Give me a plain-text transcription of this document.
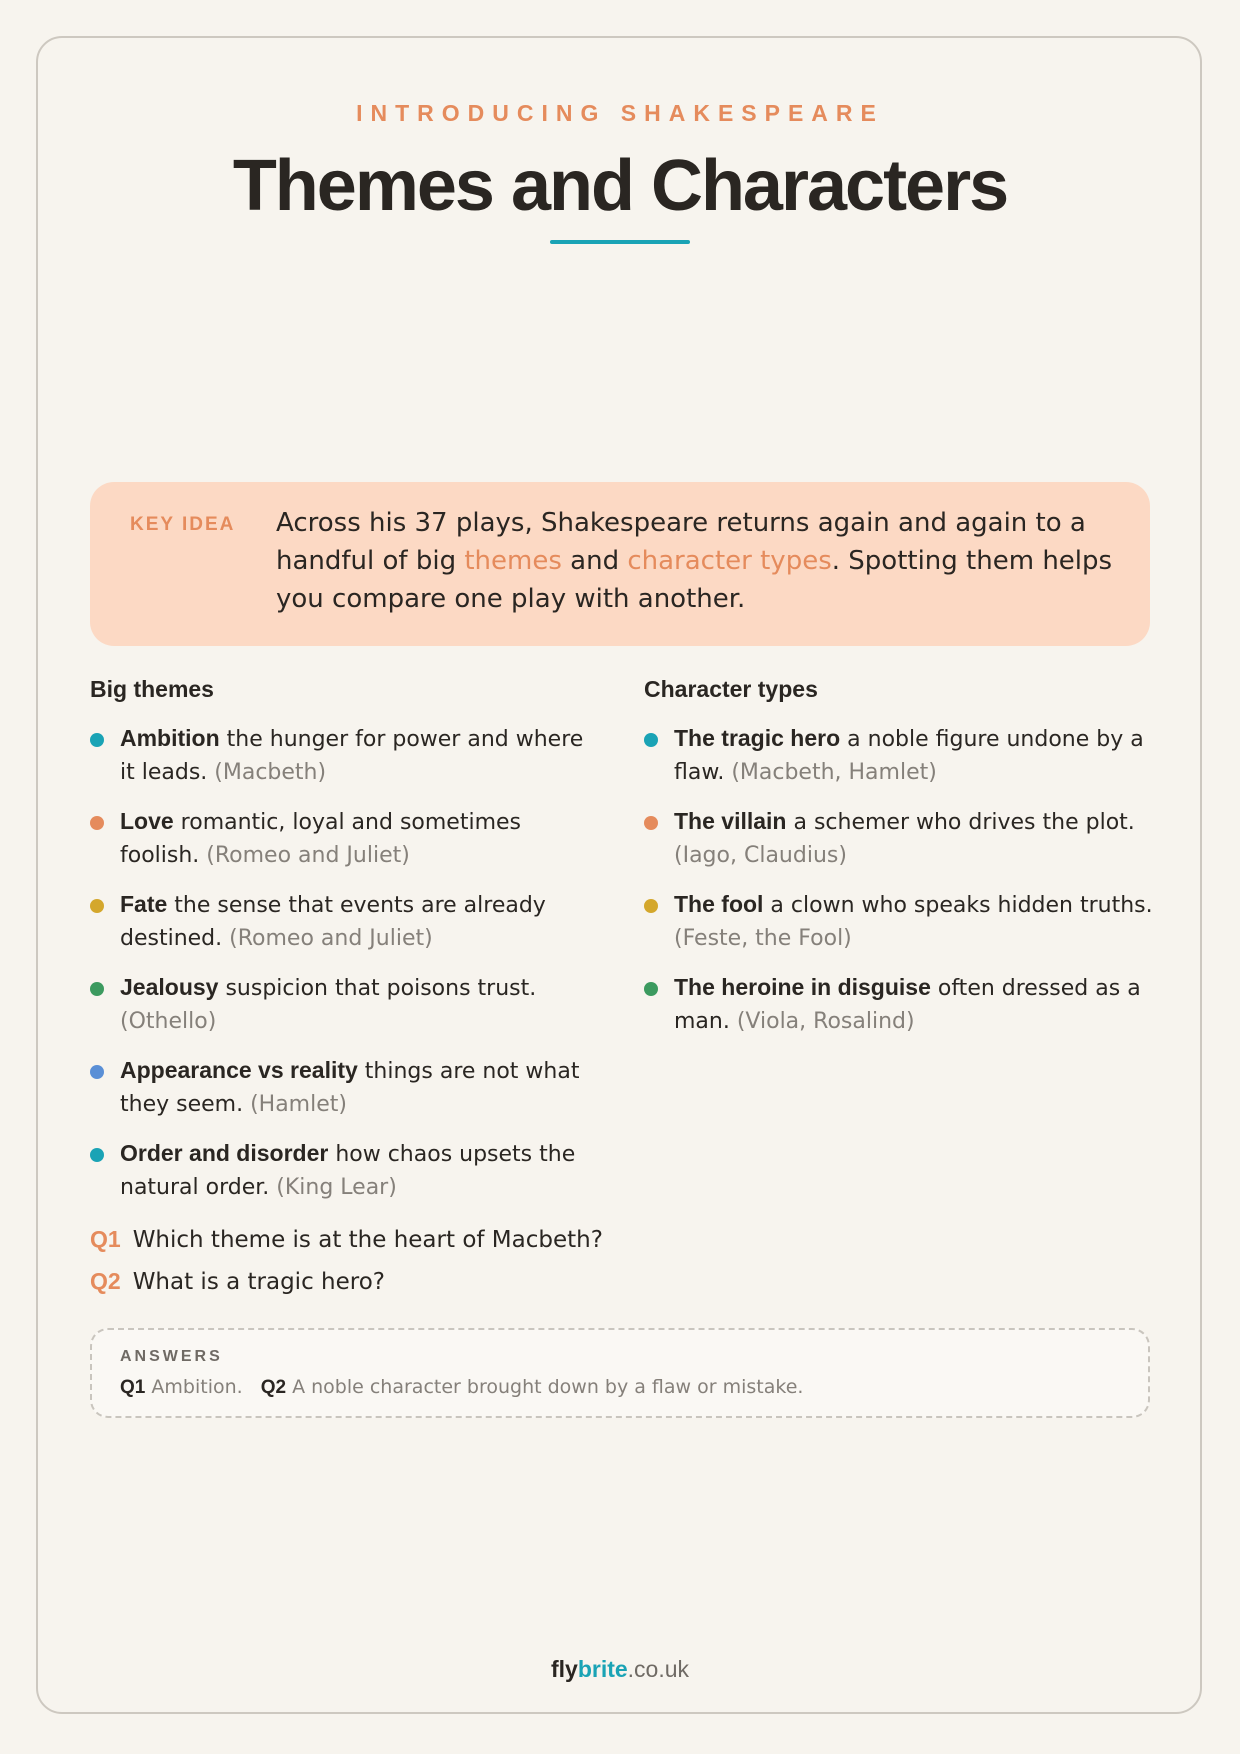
INTRODUCING SHAKESPEARE
Themes and Characters
KEY IDEA Across his 37 plays, Shakespeare returns again and again to a handful of big themes and character types. Spotting them helps you compare one play with another.
Big themes
Ambition the hunger for power and where it leads. (Macbeth)
Love romantic, loyal and sometimes foolish. (Romeo and Juliet)
Fate the sense that events are already destined. (Romeo and Juliet)
Jealousy suspicion that poisons trust. (Othello)
Appearance vs reality things are not what they seem. (Hamlet)
Order and disorder how chaos upsets the natural order. (King Lear)
Character types
The tragic hero a noble figure undone by a flaw. (Macbeth, Hamlet)
The villain a schemer who drives the plot. (Iago, Claudius)
The fool a clown who speaks hidden truths. (Feste, the Fool)
The heroine in disguise often dressed as a man. (Viola, Rosalind)
Q1 Which theme is at the heart of Macbeth?
Q2 What is a tragic hero?
ANSWERS
Q1 Ambition. Q2 A noble character brought down by a flaw or mistake.
flybrite.co.uk
